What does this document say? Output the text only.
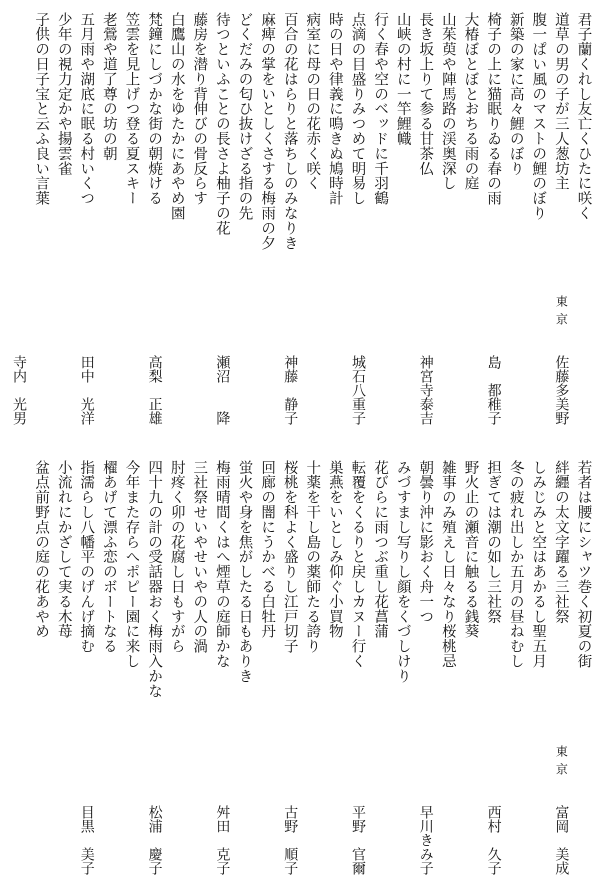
君子蘭くれし友亡くひたに咲く
道草の男の子が三人葱坊主
腹一ぱい風のマストの鯉のぼり
新築の家に高々鯉のぼり
椅子の上に猫眠りゐる春の雨
大椿ぼとぼとおちる雨の庭
山茱萸や陣馬路の渓奥深し
長き坂上りて参る甘茶仏
山峡の村に一竿鯉幟
行く春や空のベッドに千羽鶴
点滴の目盛りみつめて明易し
時の日や律義に鳴きぬ鳩時計
病室に母の日の花赤く咲く
百合の花はらりと落ちしのみなりき
麻痺の掌をいとしくさする梅雨の夕
どくだみの匂ひ抜けざる指の先
待つといふことの長さよ柚子の花
藤房を潜り背伸びの骨反らす
白鷹山の水をゆたかにあやめ園
梵鐘にしづかな街の朝焼ける
笠雲を見上げつ登る夏スキー
老鶯や道了尊の坊の朝
五月雨や湖底に眠る村いくつ
少年の視力定かや揚雲雀
子供の日子宝と云ふ良い言葉
東京
佐藤多美野
島　都稚子
神宮寺泰吉
城石八重子
神藤　静子
瀬沼　　降
高梨　正雄
田中　光洋
寺内　光男
若者は腰にシャツ巻く初夏の街
絆纒の太文字躍る三社祭
しみじみと空はあかるし聖五月
冬の疲れ出しか五月の昼ねむし
担ぎては潮の如し三社祭
野火止の瀬音に触るる銭葵
雑事のみ殖えし日々なり桜桃忌
朝曇り沖に影おく舟一つ
みづすまし写りし顔をくづしけり
花びらに雨つぶ重し花菖蒲
転覆をくるりと戻しカヌー行く
巣燕をいとしみ仰ぐ小買物
十薬を干し島の薬師たる誇り
桜桃を科よく盛りし江戸切子
回廊の闇にうかべる白牡丹
蛍火や身を焦がしたる日もありき
梅雨晴間くはへ煙草の庭師かな
三社祭せいやせいやの人の渦
肘疼く卯の花腐し日もすがら
四十九の計の受話器おく梅雨入かな
今年また存らへポピー園に来し
櫂あげて漂ふ恋のボートなる
指濡らし八幡平のげんげ摘む
小流れにかざして実る木苺
盆点前野点の庭の花あやめ
東京
富岡　美成
西村　久子
早川きみ子
平野　官爾
古野　順子
舛田　克子
松浦　慶子
目黒　美子
